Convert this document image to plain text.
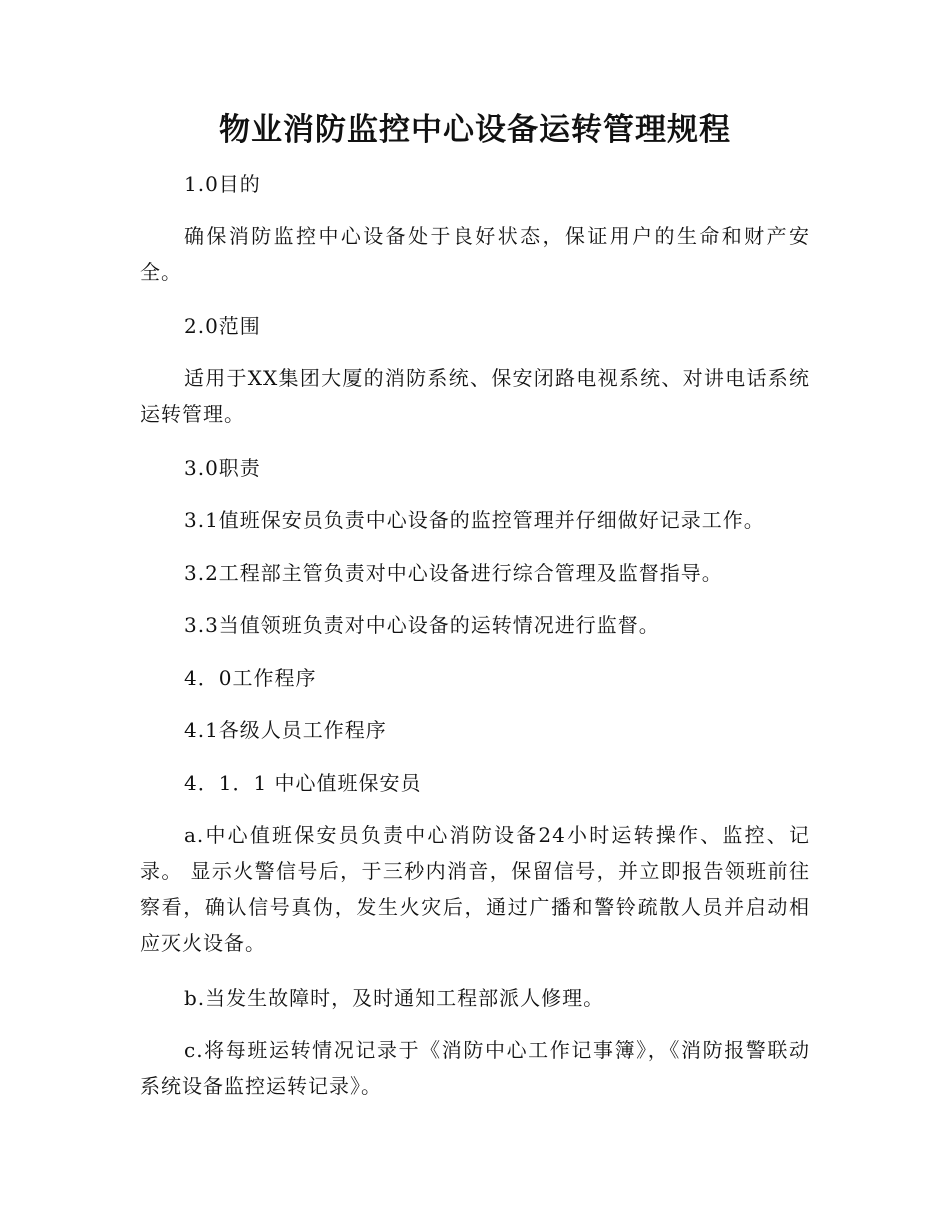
物业消防监控中心设备运转管理规程

1.0目的

确保消防监控中心设备处于良好状态，保证用户的生命和财产安全。

2.0范围

适用于XX集团大厦的消防系统、保安闭路电视系统、对讲电话系统运转管理。

3.0职责

3.1值班保安员负责中心设备的监控管理并仔细做好记录工作。

3.2工程部主管负责对中心设备进行综合管理及监督指导。

3.3当值领班负责对中心设备的运转情况进行监督。

4．0工作程序

4.1各级人员工作程序

4．1．1 中心值班保安员

a.中心值班保安员负责中心消防设备24小时运转操作、监控、记录。 显示火警信号后，于三秒内消音，保留信号，并立即报告领班前往察看，确认信号真伪，发生火灾后，通过广播和警铃疏散人员并启动相应灭火设备。

b.当发生故障时，及时通知工程部派人修理。

c.将每班运转情况记录于《消防中心工作记事簿》，《消防报警联动系统设备监控运转记录》。
